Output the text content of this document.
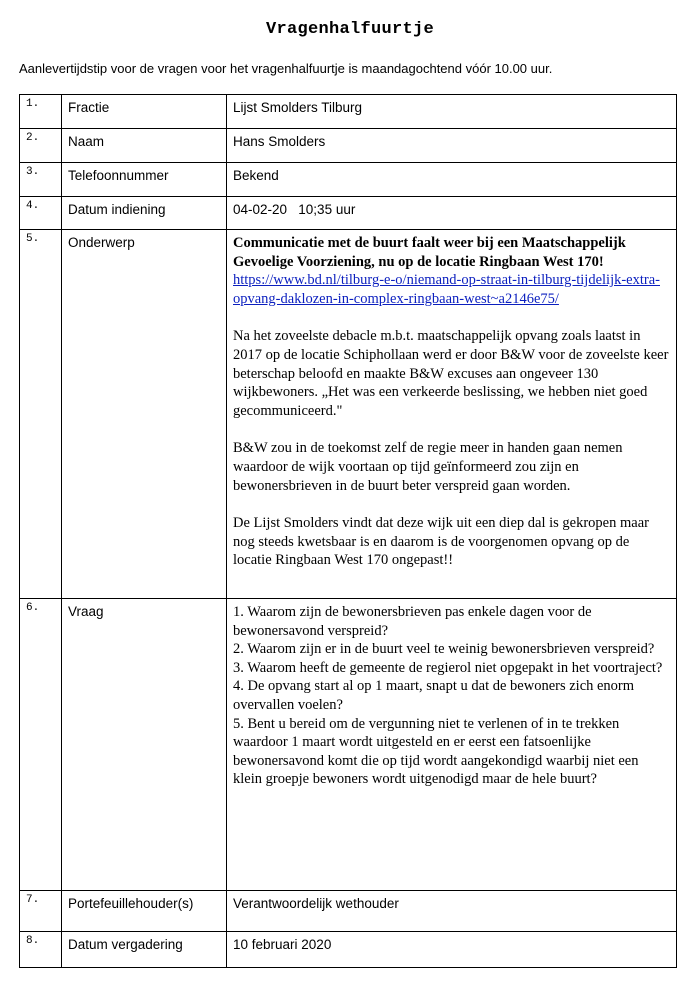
Vragenhalfuurtje
Aanlevertijdstip voor de vragen voor het vragenhalfuurtje is maandagochtend vóór 10.00 uur.
1.	Fractie	Lijst Smolders Tilburg

2.	Naam	Hans Smolders

3.	Telefoonnummer	Bekend

4.	Datum indiening	04-02-20   10;35 uur

5.	Onderwerp	Communicatie met de buurt faalt weer bij een Maatschappelijk Gevoelige Voorziening, nu op de locatie Ringbaan West 170!
https://www.bd.nl/tilburg-e-o/niemand-op-straat-in-tilburg-tijdelijk-extra-opvang-daklozen-in-complex-ringbaan-west~a2146e75/

Na het zoveelste debacle m.b.t. maatschappelijk opvang zoals laatst in 2017 op de locatie Schiphollaan werd er door B&W voor de zoveelste keer beterschap beloofd en maakte B&W excuses aan ongeveer 130 wijkbewoners. „Het was een verkeerde beslissing, we hebben niet goed gecommuniceerd."

B&W zou in de toekomst zelf de regie meer in handen gaan nemen waardoor de wijk voortaan op tijd geïnformeerd zou zijn en bewonersbrieven in de buurt beter verspreid gaan worden.

De Lijst Smolders vindt dat deze wijk uit een diep dal is gekropen maar nog steeds kwetsbaar is en daarom is de voorgenomen opvang op de locatie Ringbaan West 170 ongepast!!

6.	Vraag	1. Waarom zijn de bewonersbrieven pas enkele dagen voor de bewonersavond verspreid?

2. Waarom zijn er in de buurt veel te weinig bewonersbrieven verspreid?

3. Waarom heeft de gemeente de regierol niet opgepakt in het voortraject?

4. De opvang start al op 1 maart, snapt u dat de bewoners zich enorm overvallen voelen?

5. Bent u bereid om de vergunning niet te verlenen of in te trekken waardoor 1 maart wordt uitgesteld en er eerst een fatsoenlijke bewonersavond komt die op tijd wordt aangekondigd waarbij niet een klein groepje bewoners wordt uitgenodigd maar de hele buurt?

7.	Portefeuillehouder(s)	Verantwoordelijk wethouder

8.	Datum vergadering	10 februari 2020
